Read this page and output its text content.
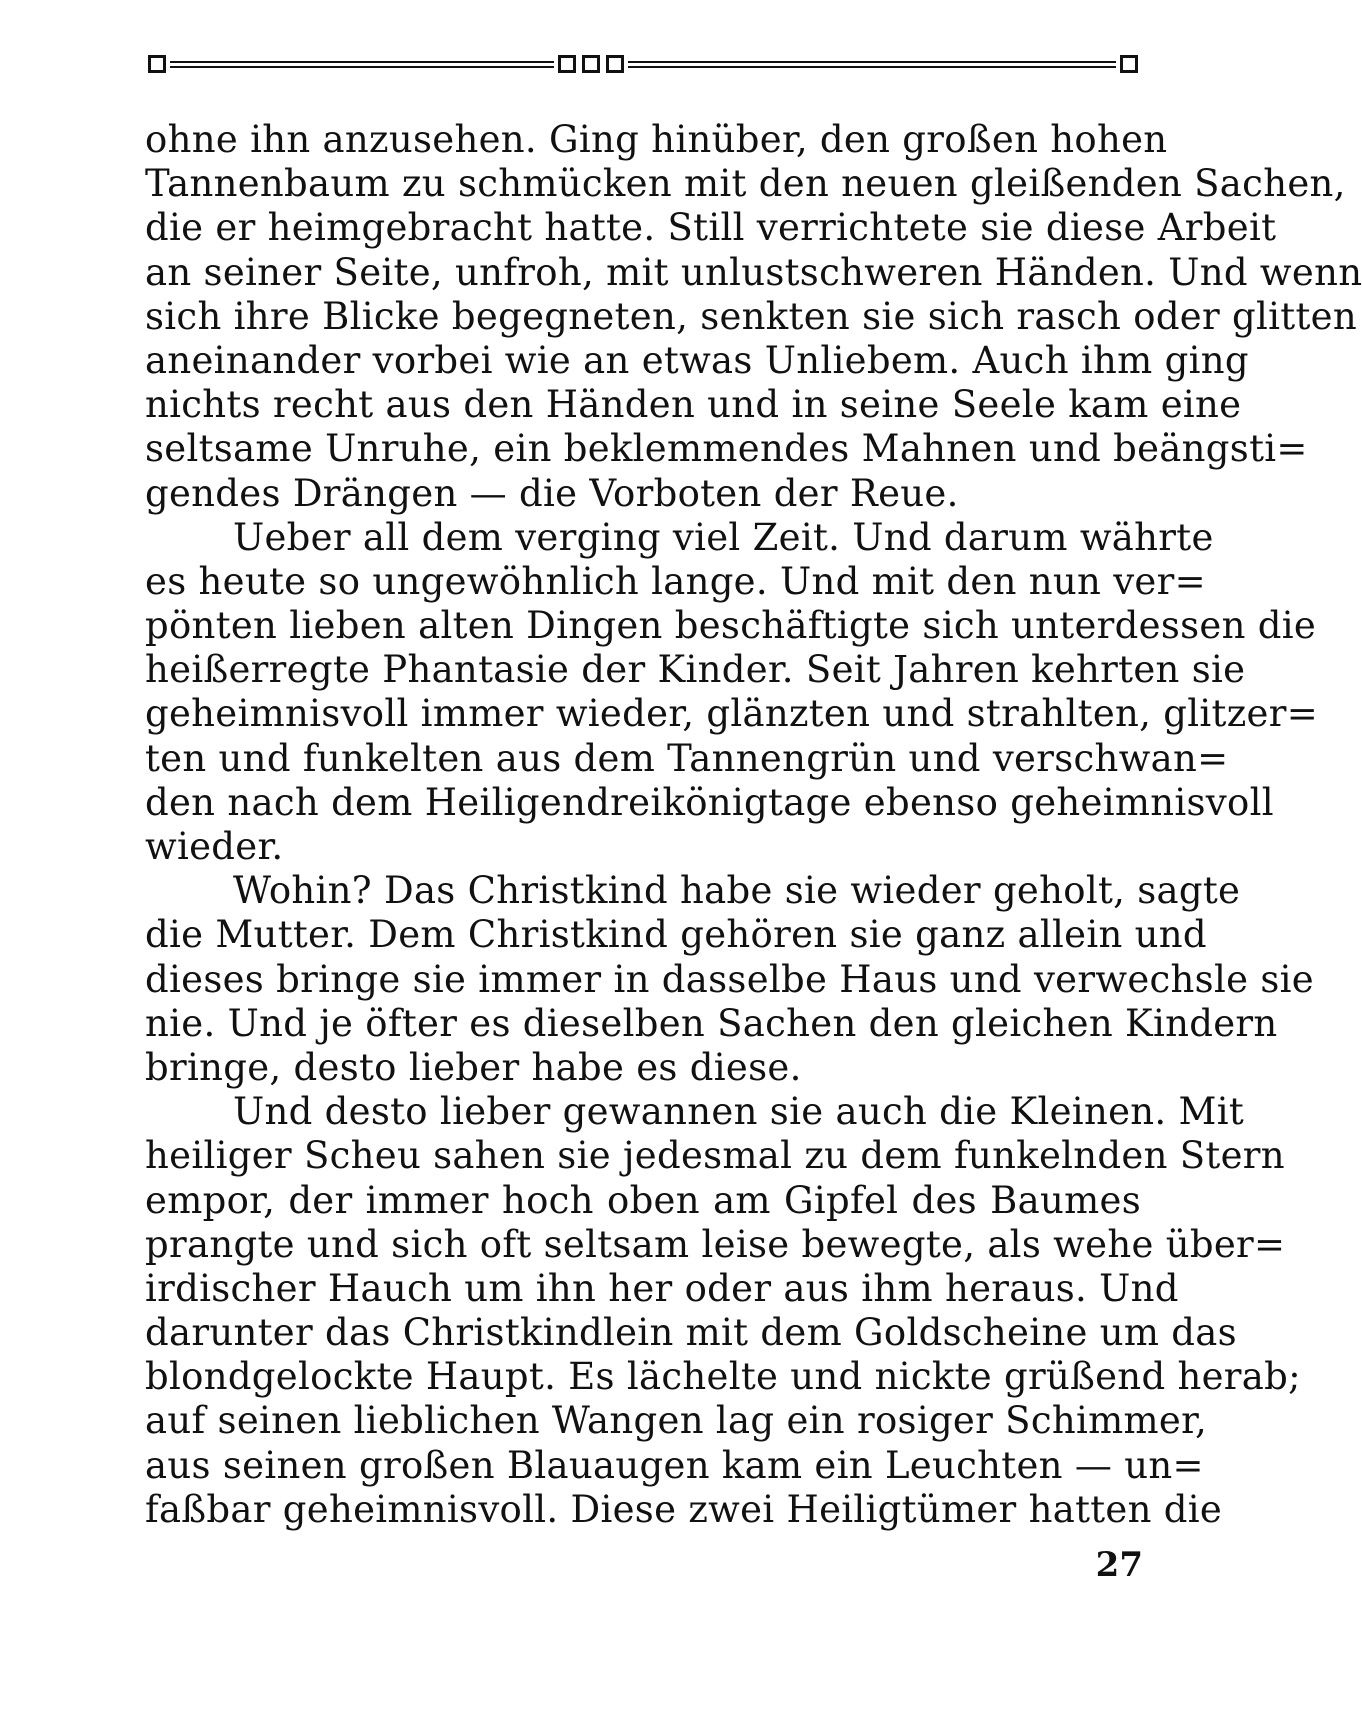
ohne ihn anzusehen. Ging hinüber, den großen hohen
Tannenbaum zu schmücken mit den neuen gleißenden Sachen,
die er heimgebracht hatte. Still verrichtete sie diese Arbeit
an seiner Seite, unfroh, mit unlustschweren Händen. Und wenn
sich ihre Blicke begegneten, senkten sie sich rasch oder glitten
aneinander vorbei wie an etwas Unliebem. Auch ihm ging
nichts recht aus den Händen und in seine Seele kam eine
seltsame Unruhe, ein beklemmendes Mahnen und beängsti=
gendes Drängen — die Vorboten der Reue.
Ueber all dem verging viel Zeit. Und darum währte
es heute so ungewöhnlich lange. Und mit den nun ver=
pönten lieben alten Dingen beschäftigte sich unterdessen die
heißerregte Phantasie der Kinder. Seit Jahren kehrten sie
geheimnisvoll immer wieder, glänzten und strahlten, glitzer=
ten und funkelten aus dem Tannengrün und verschwan=
den nach dem Heiligendreikönigtage ebenso geheimnisvoll
wieder.
Wohin? Das Christkind habe sie wieder geholt, sagte
die Mutter. Dem Christkind gehören sie ganz allein und
dieses bringe sie immer in dasselbe Haus und verwechsle sie
nie. Und je öfter es dieselben Sachen den gleichen Kindern
bringe, desto lieber habe es diese.
Und desto lieber gewannen sie auch die Kleinen. Mit
heiliger Scheu sahen sie jedesmal zu dem funkelnden Stern
empor, der immer hoch oben am Gipfel des Baumes
prangte und sich oft seltsam leise bewegte, als wehe über=
irdischer Hauch um ihn her oder aus ihm heraus. Und
darunter das Christkindlein mit dem Goldscheine um das
blondgelockte Haupt. Es lächelte und nickte grüßend herab;
auf seinen lieblichen Wangen lag ein rosiger Schimmer,
aus seinen großen Blauaugen kam ein Leuchten — un=
faßbar geheimnisvoll. Diese zwei Heiligtümer hatten die
27
